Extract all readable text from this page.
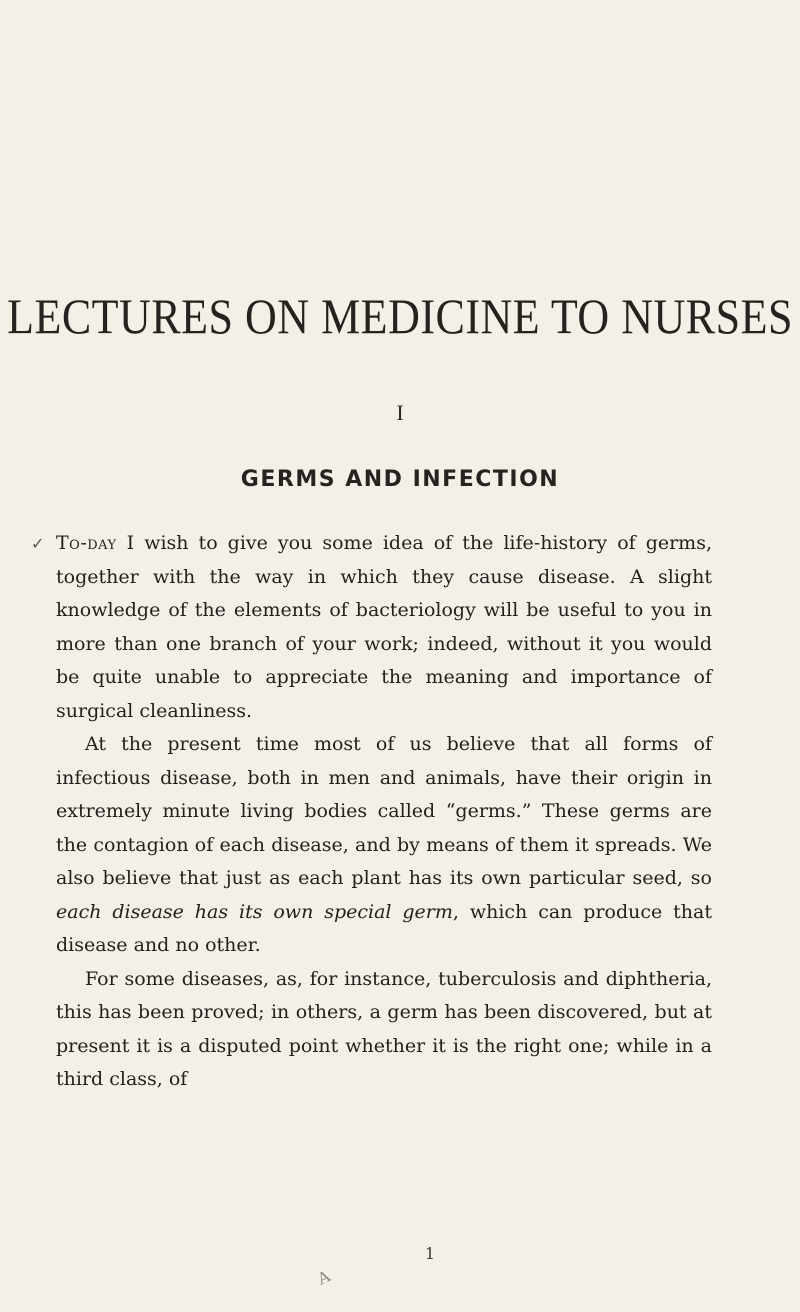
LECTURES ON MEDICINE TO NURSES
I
GERMS AND INFECTION
✓ To-day I wish to give you some idea of the life-history of germs, together with the way in which they cause disease. A slight knowledge of the elements of bacteriology will be useful to you in more than one branch of your work; indeed, without it you would be quite unable to appreciate the meaning and importance of surgical cleanliness.

At the present time most of us believe that all forms of infectious disease, both in men and animals, have their origin in extremely minute living bodies called “germs.” These germs are the contagion of each disease, and by means of them it spreads. We also believe that just as each plant has its own particular seed, so each disease has its own special germ, which can produce that disease and no other.

For some diseases, as, for instance, tuberculosis and diphtheria, this has been proved; in others, a germ has been discovered, but at present it is a disputed point whether it is the right one; while in a third class, of

1
A
